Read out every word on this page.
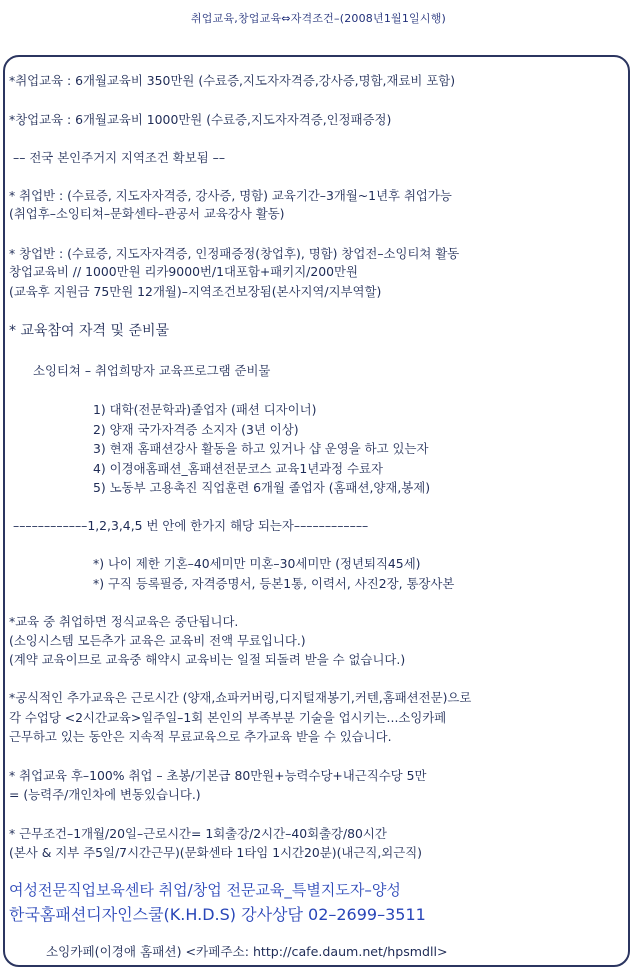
취업교육,창업교육⇔자격조건–(2008년1월1일시행)
*취업교육 : 6개월교육비 350만원 (수료증,지도자자격증,강사증,명함,재료비 포함)
*창업교육 : 6개월교육비 1000만원 (수료증,지도자자격증,인정패증정)
–– 전국 본인주거지 지역조건 확보됨 ––
* 취업반 : (수료증, 지도자자격증, 강사증, 명함) 교육기간–3개월~1년후 취업가능
(취업후–소잉티쳐–문화센타–관공서 교육강사 활동)
* 창업반 : (수료증, 지도자자격증, 인정패증정(창업후), 명함) 창업전–소잉티쳐 활동
창업교육비 // 1000만원 리카9000번/1대포함+패키지/200만원
(교육후 지원금 75만원 12개월)–지역조건보장됨(본사지역/지부역할)
* 교육참여 자격 및 준비물
소잉티쳐 – 취업희망자 교육프로그램 준비물
1) 대학(전문학과)졸업자 (패션 디자이너)
2) 양재 국가자격증 소지자 (3년 이상)
3) 현재 홈패션강사 활동을 하고 있거나 샵 운영을 하고 있는자
4) 이경애홈패션_홈패션전문코스 교육1년과정 수료자
5) 노동부 고용촉진 직업훈련 6개월 졸업자 (홈패션,양재,봉제)
––––––––––––1,2,3,4,5 번 안에 한가지 해당 되는자––––––––––––
*) 나이 제한 기혼–40세미만 미혼–30세미만 (정년퇴직45세)
*) 구직 등록필증, 자격증명서, 등본1통, 이력서, 사진2장, 통장사본
*교육 중 취업하면 정식교육은 중단됩니다.
(소잉시스템 모든추가 교육은 교육비 전액 무료입니다.)
(계약 교육이므로 교육중 해약시 교육비는 일절 되돌려 받을 수 없습니다.)
*공식적인 추가교육은 근로시간 (양재,쇼파커버링,디지털재봉기,커텐,홈패션전문)으로
각 수업당 <2시간교육>일주일–1회 본인의 부족부분 기술을 업시키는...소잉카페
근무하고 있는 동안은 지속적 무료교육으로 추가교육 받을 수 있습니다.
* 취업교육 후–100% 취업 – 초봉/기본급 80만원+능력수당+내근직수당 5만
= (능력주/개인차에 변동있습니다.)
* 근무조건–1개월/20일–근로시간= 1회출강/2시간–40회출강/80시간
(본사 & 지부 주5일/7시간근무)(문화센타 1타임 1시간20분)(내근직,외근직)
여성전문직업보육센타 취업/창업 전문교육_특별지도자–양성
한국홈패션디자인스쿨(K.H.D.S) 강사상담 02–2699–3511
소잉카페(이경애 홈패션) <카페주소: http://cafe.daum.net/hpsmdll>
